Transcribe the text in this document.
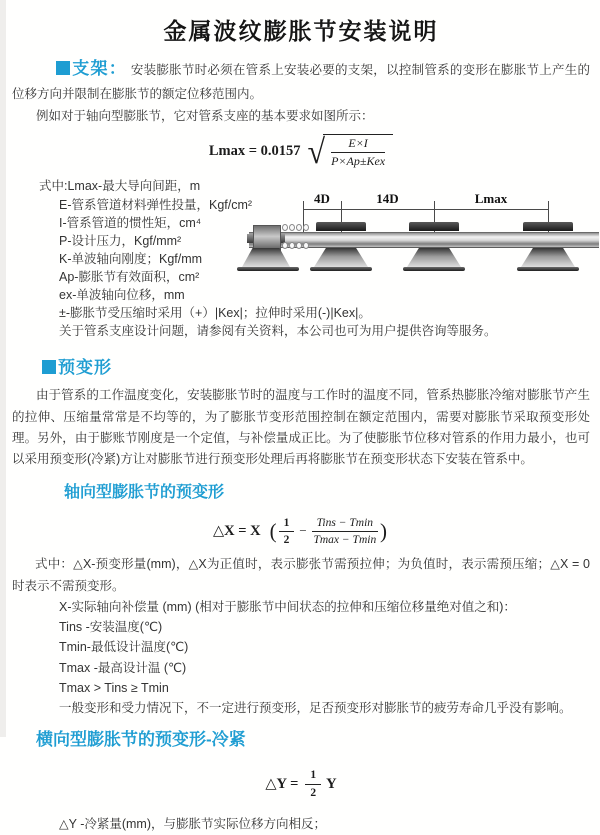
金属波纹膨胀节安装说明

支架： 安装膨胀节时必须在管系上安装必要的支架，以控制管系的变形在膨胀节上产生的位移方向并限制在膨胀节的额定位移范围内。

例如对于轴向型膨胀节，它对管系支座的基本要求如图所示：

Lmax = 0.0157 √
$\frac{E\times I}{\text{P×Ap±Kex}}$

式中:Lmax-最大导向间距，m

E-管系管道材料弹性投量，Kgf/cm²

I-管系管道的惯性矩，cm⁴

P-设计压力，Kgf/mm²

K-单波轴向刚度；Kgf/mm

Ap-膨胀节有效面积，cm²

ex-单波轴向位移，mm

±-膨胀节受压缩时采用（+）|Kex|；拉伸时采用(-)|Kex|。

关于管系支座设计问题，请参阅有关资料，本公司也可为用户提供咨询等服务。

4D	14D	Lmax

预变形

由于管系的工作温度变化，安装膨胀节时的温度与工作时的温度不同，管系热膨胀冷缩对膨胀节产生的拉伸、压缩量常常是不均等的，为了膨胀节变形范围控制在额定范围内，需要对膨胀节采取预变形处理。另外，由于膨账节刚度是一个定值，与补偿量成正比。为了使膨胀节位移对管系的作用力最小，也可以采用预变形(冷紧)方让对膨胀节进行预变形处理后再将膨胀节在预变形状态下安装在管系中。

轴向型膨胀节的预变形

△X = X ( $\frac{1}{2} - \frac{\text{Tins − Tmin}}{Tmax - Tmin}$ )

式中：△X-预变形量(mm)，△X为正值时，表示膨张节需预拉伸；为负值时，表示需预压缩；△X = 0时表示不需预变形。

X-实际轴向补偿量 (mm) (相对于膨胀节中间状态的拉伸和压缩位移量绝对值之和)：

Tins -安装温度(℃)

Tmin-最低设计温度(℃)

Tmax -最高设计温 (℃)

Tmax > Tins ≥ Tmin

一般变形和受力情况下，不一定进行预变形，足否预变形对膨胀节的疲劳寿命几乎没有影响。

横向型膨胀节的预变形-冷紧

△Y = $\frac{1}{2}$ Y

△Y -冷紧量(mm)，与膨胀节实际位移方向相反；
